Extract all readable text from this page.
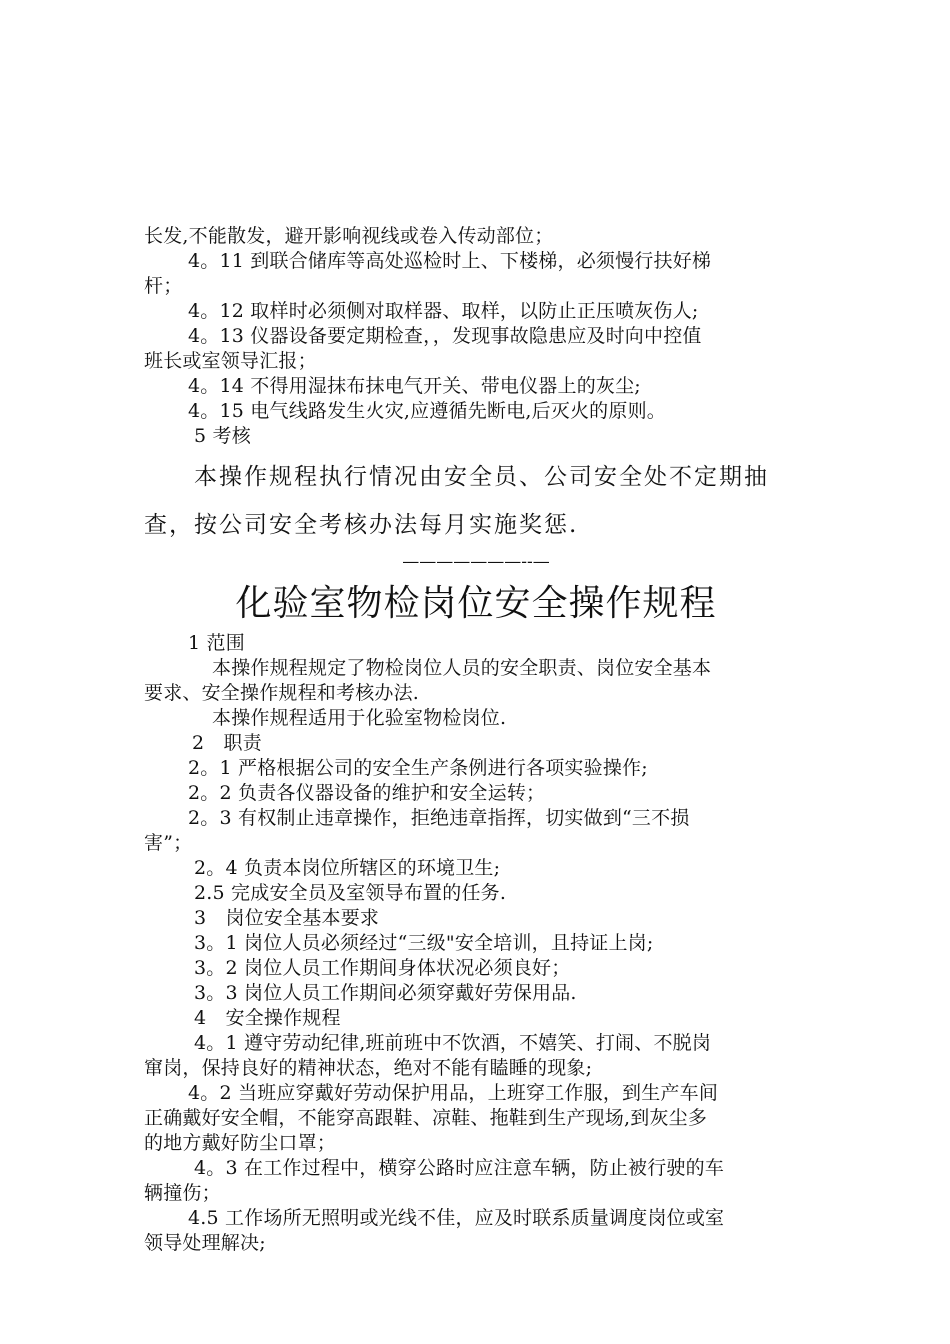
长发,不能散发，避开影响视线或卷入传动部位；
4。11 到联合储库等高处巡检时上、下楼梯，必须慢行扶好梯
杆；
4。12 取样时必须侧对取样器、取样，以防止正压喷灰伤人;
4。13 仪器设备要定期检查，，发现事故隐患应及时向中控值
班长或室领导汇报；
4。14 不得用湿抹布抹电气开关、带电仪器上的灰尘;
4。15 电气线路发生火灾,应遵循先断电,后灭火的原则。
5 考核
本操作规程执行情况由安全员、公司安全处不定期抽
查，按公司安全考核办法每月实施奖惩.
———————--—
化验室物检岗位安全操作规程
1 范围
本操作规程规定了物检岗位人员的安全职责、岗位安全基本
要求、安全操作规程和考核办法.
本操作规程适用于化验室物检岗位.
2　职责
2。1 严格根据公司的安全生产条例进行各项实验操作;
2。2 负责各仪器设备的维护和安全运转；
2。3 有权制止违章操作，拒绝违章指挥，切实做到“三不损
害”；
2。4 负责本岗位所辖区的环境卫生;
2.5 完成安全员及室领导布置的任务.
3　岗位安全基本要求
3。1 岗位人员必须经过“三级"安全培训，且持证上岗;
3。2 岗位人员工作期间身体状况必须良好；
3。3 岗位人员工作期间必须穿戴好劳保用品.
4　安全操作规程
4。1 遵守劳动纪律,班前班中不饮酒，不嬉笑、打闹、不脱岗
窜岗，保持良好的精神状态，绝对不能有瞌睡的现象;
4。2 当班应穿戴好劳动保护用品，上班穿工作服，到生产车间
正确戴好安全帽，不能穿高跟鞋、凉鞋、拖鞋到生产现场,到灰尘多
的地方戴好防尘口罩；
4。3 在工作过程中，横穿公路时应注意车辆，防止被行驶的车
辆撞伤；
4.5 工作场所无照明或光线不佳，应及时联系质量调度岗位或室
领导处理解决;
